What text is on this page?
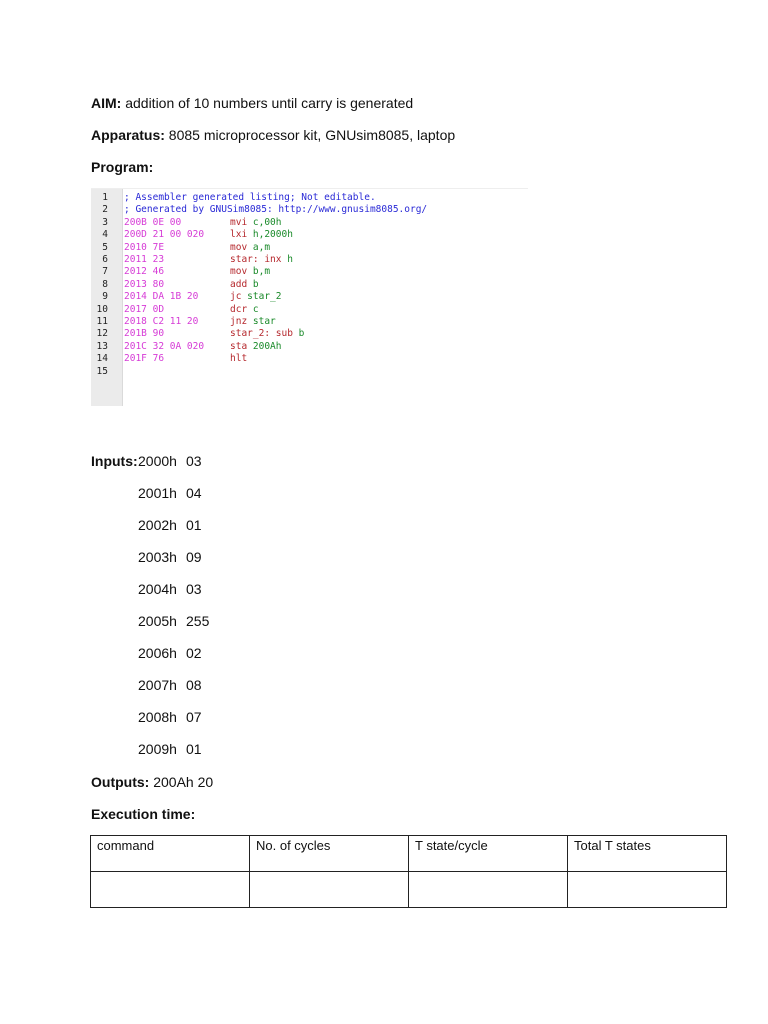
AIM: addition of 10 numbers until carry is generated
Apparatus: 8085 microprocessor kit, GNUsim8085, laptop
Program:
1 ; Assembler generated listing; Not editable.
2 ; Generated by GNUSim8085: http://www.gnusim8085.org/
3 200B 0E 00	mvi c,00h
4 200D 21 00 020	lxi h,2000h
5 2010 7E	mov a,m
6 2011 23	star: inx h
7 2012 46	mov b,m
8 2013 80	add b
9 2014 DA 1B 20	jc star_2
10 2017 0D	dcr c
11 2018 C2 11 20	jnz star
12 201B 90	star_2: sub b
13 201C 32 0A 020	sta 200Ah
14 201F 76	hlt
15
Inputs: 2000h 03
2001h 04
2002h 01
2003h 09
2004h 03
2005h 255
2006h 02
2007h 08
2008h 07
2009h 01
Outputs: 200Ah 20
Execution time:
command	No. of cycles	T state/cycle	Total T states
